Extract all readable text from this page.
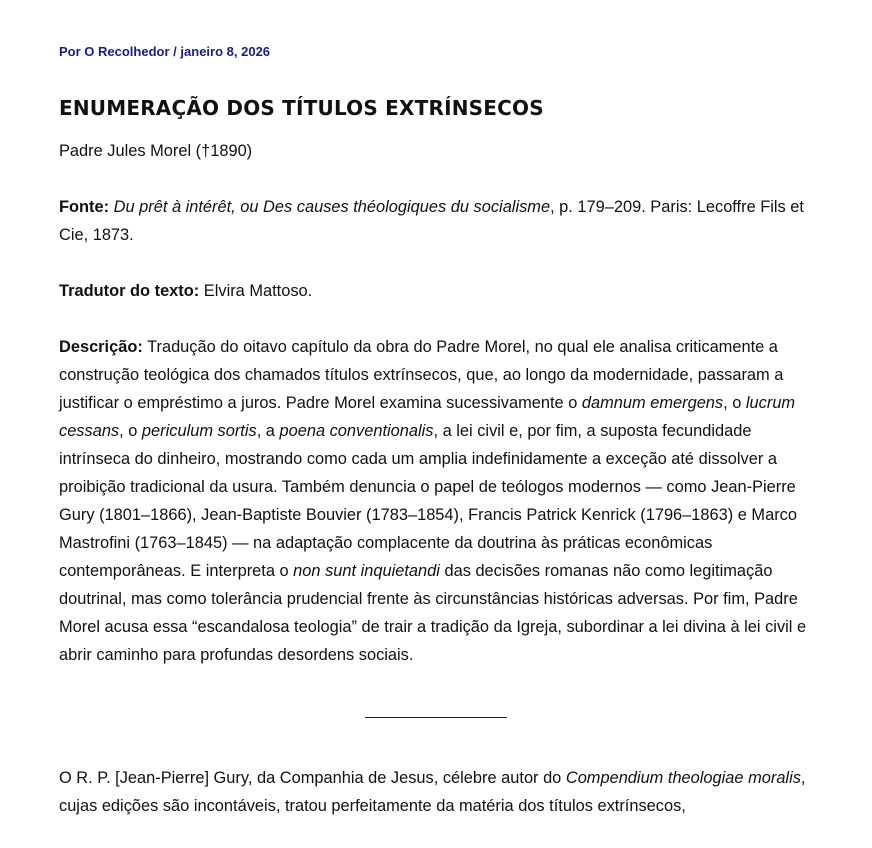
Por O Recolhedor / janeiro 8, 2026
ENUMERAÇÃO DOS TÍTULOS EXTRÍNSECOS

Padre Jules Morel (†1890)

Fonte: Du prêt à intérêt, ou Des causes théologiques du socialisme, p. 179–209. Paris: Lecoffre Fils et Cie, 1873.

Tradutor do texto: Elvira Mattoso.

Descrição: Tradução do oitavo capítulo da obra do Padre Morel, no qual ele analisa criticamente a construção teológica dos chamados títulos extrínsecos, que, ao longo da modernidade, passaram a justificar o empréstimo a juros. Padre Morel examina sucessivamente o damnum emergens, o lucrum cessans, o periculum sortis, a poena conventionalis, a lei civil e, por fim, a suposta fecundidade intrínseca do dinheiro, mostrando como cada um amplia indefinidamente a exceção até dissolver a proibição tradicional da usura. Também denuncia o papel de teólogos modernos — como Jean-Pierre Gury (1801–1866), Jean-Baptiste Bouvier (1783–1854), Francis Patrick Kenrick (1796–1863) e Marco Mastrofini (1763–1845) — na adaptação complacente da doutrina às práticas econômicas contemporâneas. E interpreta o non sunt inquietandi das decisões romanas não como legitimação doutrinal, mas como tolerância prudencial frente às circunstâncias históricas adversas. Por fim, Padre Morel acusa essa “escandalosa teologia” de trair a tradição da Igreja, subordinar a lei divina à lei civil e abrir caminho para profundas desordens sociais.

O R. P. [Jean-Pierre] Gury, da Companhia de Jesus, célebre autor do Compendium theologiae moralis, cujas edições são incontáveis, tratou perfeitamente da matéria dos títulos extrínsecos,
